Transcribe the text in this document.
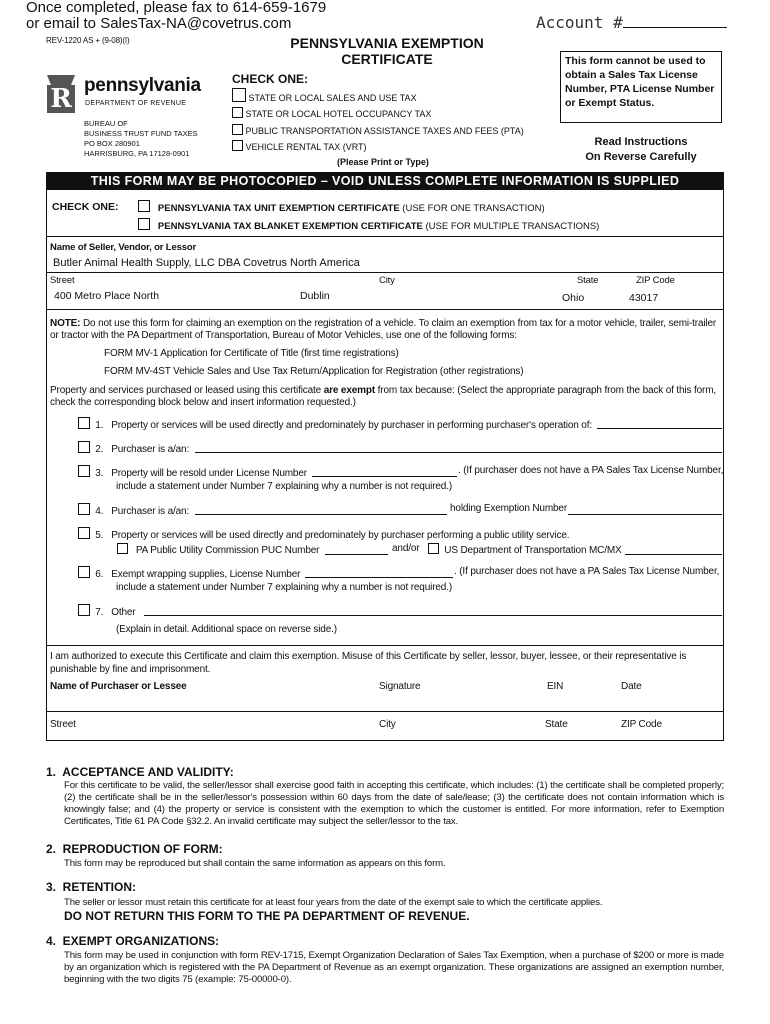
Once completed, please fax to 614-659-1679
or email to SalesTax-NA@covetrus.com	Account #
REV-1220 AS + (9-08)(I)	PENNSYLVANIA EXEMPTION
CERTIFICATE
R pennsylvania
DEPARTMENT OF REVENUE
BUREAU OF
BUSINESS TRUST FUND TAXES
PO BOX 280901
HARRISBURG, PA 17128-0901
CHECK ONE:
STATE OR LOCAL SALES AND USE TAX
STATE OR LOCAL HOTEL OCCUPANCY TAX
PUBLIC TRANSPORTATION ASSISTANCE TAXES AND FEES (PTA)
VEHICLE RENTAL TAX (VRT)
(Please Print or Type)
This form cannot be used to obtain a Sales Tax License Number, PTA License Number or Exempt Status.
Read Instructions
On Reverse Carefully
THIS FORM MAY BE PHOTOCOPIED – VOID UNLESS COMPLETE INFORMATION IS SUPPLIED
CHECK ONE:	PENNSYLVANIA TAX UNIT EXEMPTION CERTIFICATE (USE FOR ONE TRANSACTION)
PENNSYLVANIA TAX BLANKET EXEMPTION CERTIFICATE (USE FOR MULTIPLE TRANSACTIONS)
Name of Seller, Vendor, or Lessor
Butler Animal Health Supply, LLC DBA Covetrus North America
Street	City	State	ZIP Code
400 Metro Place North	Dublin	Ohio	43017
NOTE: Do not use this form for claiming an exemption on the registration of a vehicle. To claim an exemption from tax for a motor vehicle, trailer, semi-trailer or tractor with the PA Department of Transportation, Bureau of Motor Vehicles, use one of the following forms:
FORM MV-1 Application for Certificate of Title (first time registrations)
FORM MV-4ST Vehicle Sales and Use Tax Return/Application for Registration (other registrations)
Property and services purchased or leased using this certificate are exempt from tax because: (Select the appropriate paragraph from the back of this form, check the corresponding block below and insert information requested.)
1. Property or services will be used directly and predominately by purchaser in performing purchaser's operation of:
2. Purchaser is a/an:
3. Property will be resold under License Number	. (If purchaser does not have a PA Sales Tax License Number,
include a statement under Number 7 explaining why a number is not required.)
4. Purchaser is a/an:	holding Exemption Number
5. Property or services will be used directly and predominately by purchaser performing a public utility service.
PA Public Utility Commission PUC Number	and/or	US Department of Transportation MC/MX
6. Exempt wrapping supplies, License Number	. (If purchaser does not have a PA Sales Tax License Number,
include a statement under Number 7 explaining why a number is not required.)
7. Other
(Explain in detail. Additional space on reverse side.)
I am authorized to execute this Certificate and claim this exemption. Misuse of this Certificate by seller, lessor, buyer, lessee, or their representative is punishable by fine and imprisonment.
Name of Purchaser or Lessee	Signature	EIN	Date
Street	City	State	ZIP Code
1.  ACCEPTANCE AND VALIDITY:
For this certificate to be valid, the seller/lessor shall exercise good faith in accepting this certificate, which includes: (1) the certificate shall be completed properly; (2) the certificate shall be in the seller/lessor's possession within 60 days from the date of sale/lease; (3) the certificate does not contain information which is knowingly false; and (4) the property or service is consistent with the exemption to which the customer is entitled. For more information, refer to Exemption Certificates, Title 61 PA Code §32.2. An invalid certificate may subject the seller/lessor to the tax.
2.  REPRODUCTION OF FORM:
This form may be reproduced but shall contain the same information as appears on this form.
3.  RETENTION:
The seller or lessor must retain this certificate for at least four years from the date of the exempt sale to which the certificate applies.
DO NOT RETURN THIS FORM TO THE PA DEPARTMENT OF REVENUE.
4.  EXEMPT ORGANIZATIONS:
This form may be used in conjunction with form REV-1715, Exempt Organization Declaration of Sales Tax Exemption, when a purchase of $200 or more is made by an organization which is registered with the PA Department of Revenue as an exempt organization. These organizations are assigned an exemption number, beginning with the two digits 75 (example: 75-00000-0).
